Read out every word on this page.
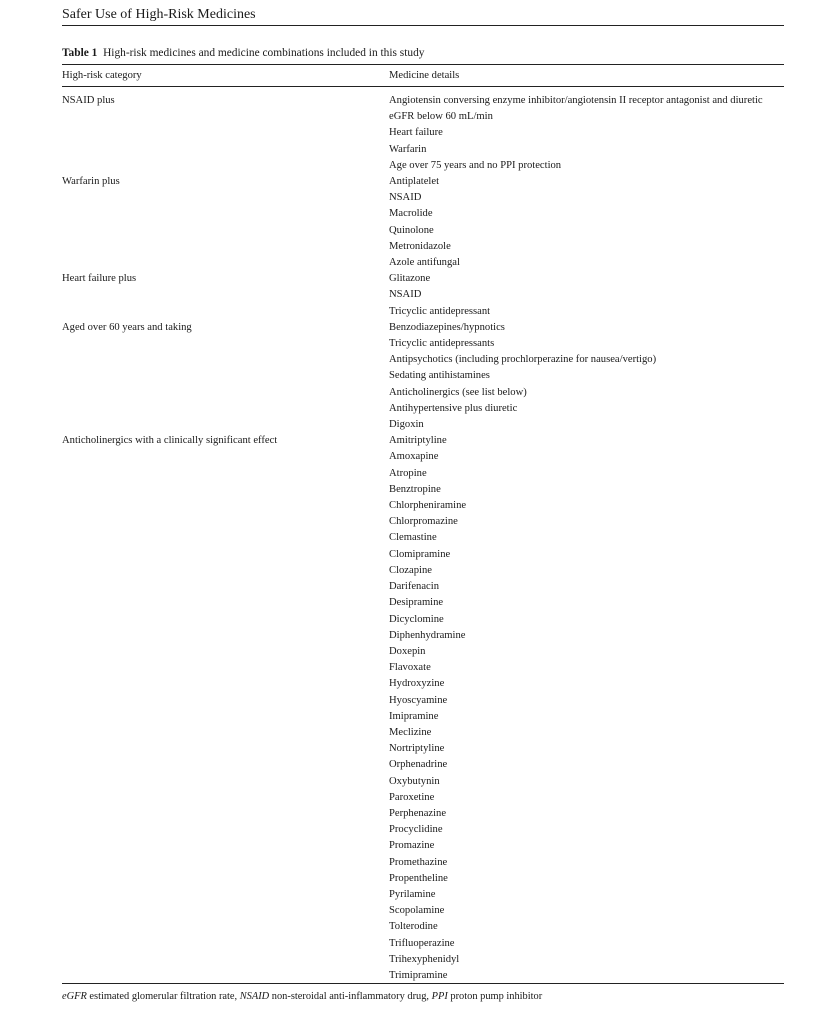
Safer Use of High-Risk Medicines
Table 1 High-risk medicines and medicine combinations included in this study
High-risk category	Medicine details
NSAID plus	Angiotensin conversing enzyme inhibitor/angiotensin II receptor antagonist and diuretic
eGFR below 60 mL/min
Heart failure
Warfarin
Age over 75 years and no PPI protection
Warfarin plus	Antiplatelet
NSAID
Macrolide
Quinolone
Metronidazole
Azole antifungal
Heart failure plus	Glitazone
NSAID
Tricyclic antidepressant
Aged over 60 years and taking	Benzodiazepines/hypnotics
Tricyclic antidepressants
Antipsychotics (including prochlorperazine for nausea/vertigo)
Sedating antihistamines
Anticholinergics (see list below)
Antihypertensive plus diuretic
Digoxin
Anticholinergics with a clinically significant effect	Amitriptyline
Amoxapine
Atropine
Benztropine
Chlorpheniramine
Chlorpromazine
Clemastine
Clomipramine
Clozapine
Darifenacin
Desipramine
Dicyclomine
Diphenhydramine
Doxepin
Flavoxate
Hydroxyzine
Hyoscyamine
Imipramine
Meclizine
Nortriptyline
Orphenadrine
Oxybutynin
Paroxetine
Perphenazine
Procyclidine
Promazine
Promethazine
Propentheline
Pyrilamine
Scopolamine
Tolterodine
Trifluoperazine
Trihexyphenidyl
Trimipramine
eGFR estimated glomerular filtration rate, NSAID non-steroidal anti-inflammatory drug, PPI proton pump inhibitor
